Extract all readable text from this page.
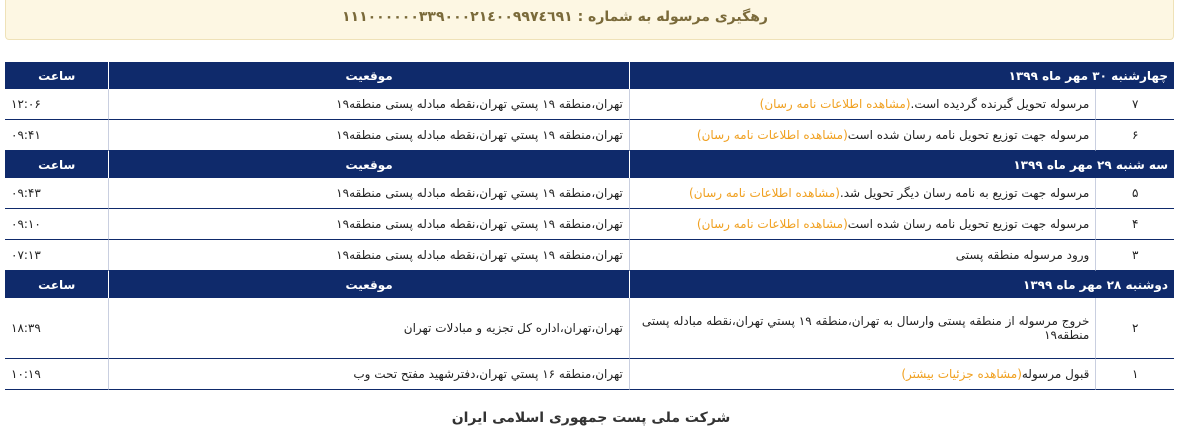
رهگیری مرسوله به شماره : ١١١٠٠٠٠٠٠٣٣٩٠٠٠٢١٤٠٠٩٩٧٤٦٩١
چهارشنبه ۳۰ مهر ماه ۱۳۹۹		موقعیت	ساعت
۷	مرسوله تحویل گیرنده گردیده است.(مشاهده اطلاعات نامه رسان)	تهران،منطقه ۱۹ پستي تهران،نقطه مبادله پستی منطقه۱۹	۱۲:۰۶
۶	مرسوله جهت توزیع تحویل نامه رسان شده است(مشاهده اطلاعات نامه رسان)	تهران،منطقه ۱۹ پستي تهران،نقطه مبادله پستی منطقه۱۹	۰۹:۴۱
سه شنبه ۲۹ مهر ماه ۱۳۹۹		موقعیت	ساعت
۵	مرسوله جهت توزیع به نامه رسان دیگر تحویل شد.(مشاهده اطلاعات نامه رسان)	تهران،منطقه ۱۹ پستي تهران،نقطه مبادله پستی منطقه۱۹	۰۹:۴۳
۴	مرسوله جهت توزیع تحویل نامه رسان شده است(مشاهده اطلاعات نامه رسان)	تهران،منطقه ۱۹ پستي تهران،نقطه مبادله پستی منطقه۱۹	۰۹:۱۰
۳	ورود مرسوله منطقه پستی	تهران،منطقه ۱۹ پستي تهران،نقطه مبادله پستی منطقه۱۹	۰۷:۱۳
دوشنبه ۲۸ مهر ماه ۱۳۹۹		موقعیت	ساعت
۲	خروج مرسوله از منطقه پستی وارسال به تهران،منطقه ۱۹ پستي تهران،نقطه مبادله پستی منطقه۱۹	تهران،تهران،اداره کل تجزیه و مبادلات تهران	۱۸:۳۹
۱	قبول مرسوله(مشاهده جزئیات بیشتر)	تهران،منطقه ۱۶ پستي تهران،دفترشهید مفتح تحت وب	۱۰:۱۹
شرکت ملی پست جمهوری اسلامی ایران
